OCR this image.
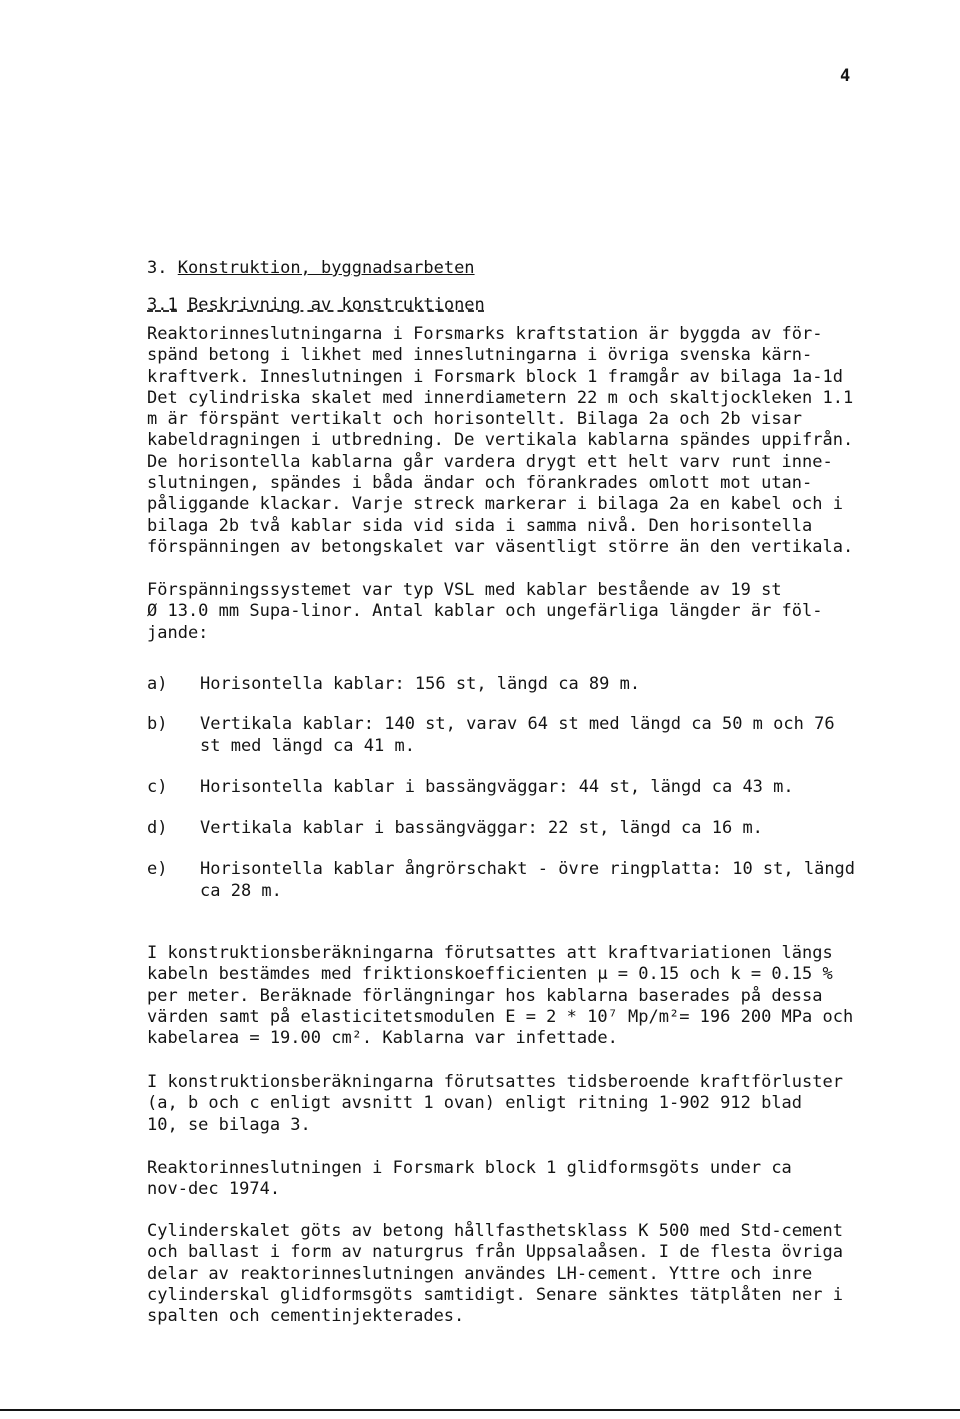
4
3. Konstruktion, byggnadsarbeten
3.1 Beskrivning av konstruktionen
Reaktorinneslutningarna i Forsmarks kraftstation är byggda av för-
spänd betong i likhet med inneslutningarna i övriga svenska kärn-
kraftverk. Inneslutningen i Forsmark block 1 framgår av bilaga 1a-1d
Det cylindriska skalet med innerdiametern 22 m och skaltjockleken 1.1
m är förspänt vertikalt och horisontellt. Bilaga 2a och 2b visar
kabeldragningen i utbredning. De vertikala kablarna spändes uppifrån.
De horisontella kablarna går vardera drygt ett helt varv runt inne-
slutningen, spändes i båda ändar och förankrades omlott mot utan-
påliggande klackar. Varje streck markerar i bilaga 2a en kabel och i
bilaga 2b två kablar sida vid sida i samma nivå. Den horisontella
förspänningen av betongskalet var väsentligt större än den vertikala.
Förspänningssystemet var typ VSL med kablar bestående av 19 st
Ø 13.0 mm Supa-linor. Antal kablar och ungefärliga längder är föl-
jande:
a) Horisontella kablar: 156 st, längd ca 89 m.
b) Vertikala kablar: 140 st, varav 64 st med längd ca 50 m och 76
st med längd ca 41 m.
c) Horisontella kablar i bassängväggar: 44 st, längd ca 43 m.
d) Vertikala kablar i bassängväggar: 22 st, längd ca 16 m.
e) Horisontella kablar ångrörschakt - övre ringplatta: 10 st, längd
ca 28 m.
I konstruktionsberäkningarna förutsattes att kraftvariationen längs
kabeln bestämdes med friktionskoefficienten μ = 0.15 och k = 0.15 %
per meter. Beräknade förlängningar hos kablarna baserades på dessa
värden samt på elasticitetsmodulen E = 2 * 10⁷ Mp/m²= 196 200 MPa och
kabelarea = 19.00 cm². Kablarna var infettade.
I konstruktionsberäkningarna förutsattes tidsberoende kraftförluster
(a, b och c enligt avsnitt 1 ovan) enligt ritning 1-902 912 blad
10, se bilaga 3.
Reaktorinneslutningen i Forsmark block 1 glidformsgöts under ca
nov-dec 1974.
Cylinderskalet göts av betong hållfasthetsklass K 500 med Std-cement
och ballast i form av naturgrus från Uppsalaåsen. I de flesta övriga
delar av reaktorinneslutningen användes LH-cement. Yttre och inre
cylinderskal glidformsgöts samtidigt. Senare sänktes tätplåten ner i
spalten och cementinjekterades.
